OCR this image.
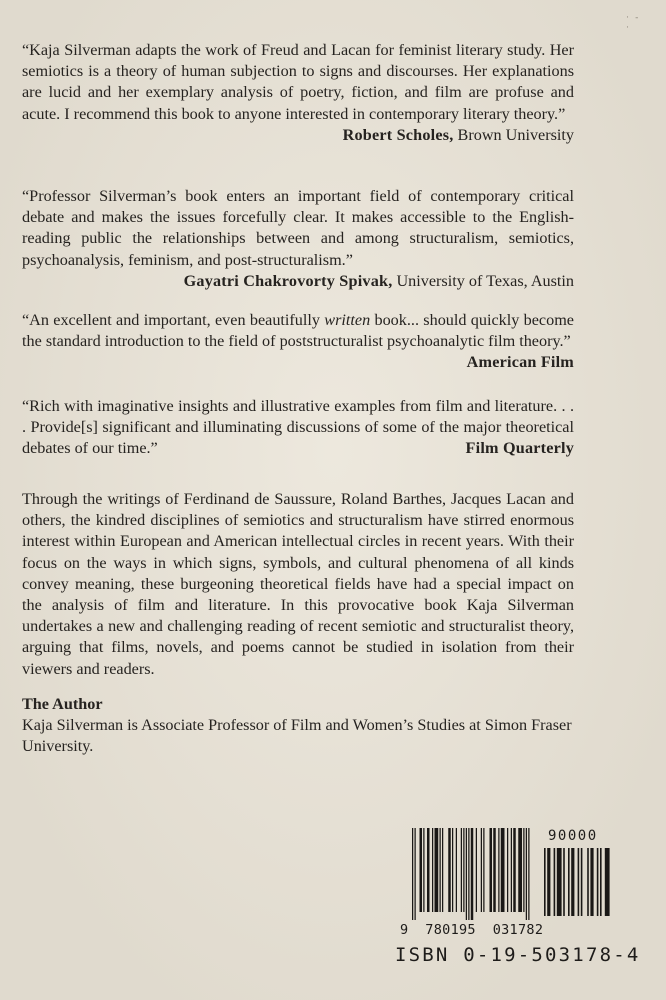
· - ·

“Kaja Silverman adapts the work of Freud and Lacan for feminist literary study. Her semiotics is a theory of human subjection to signs and discourses. Her explanations are lucid and her exemplary analysis of poetry, fiction, and film are profuse and acute. I recommend this book to anyone interested in contemporary literary theory.”

Robert Scholes, Brown University

“Professor Silverman’s book enters an important field of contemporary critical debate and makes the issues forcefully clear. It makes accessible to the English-reading public the relationships between and among structuralism, semiotics, psychoanalysis, feminism, and post-structuralism.”

Gayatri Chakrovorty Spivak, University of Texas, Austin

“An excellent and important, even beautifully written book... should quickly become the standard introduction to the field of poststructuralist psychoanalytic film theory.”
American Film

“Rich with imaginative insights and illustrative examples from film and literature. . . . Provide[s] significant and illuminating discussions of some of the major theoretical debates of our time.”	Film Quarterly

Through the writings of Ferdinand de Saussure, Roland Barthes, Jacques Lacan and others, the kindred disciplines of semiotics and structuralism have stirred enormous interest within European and American intellectual circles in recent years. With their focus on the ways in which signs, symbols, and cultural phenomena of all kinds convey meaning, these burgeoning theoretical fields have had a special impact on the analysis of film and literature. In this provocative book Kaja Silverman undertakes a new and challenging reading of recent semiotic and structuralist theory, arguing that films, novels, and poems cannot be studied in isolation from their viewers and readers.

The Author

Kaja Silverman is Associate Professor of Film and Women’s Studies at Simon Fraser University.

90000
9  780195  031782
ISBN 0-19-503178-4
